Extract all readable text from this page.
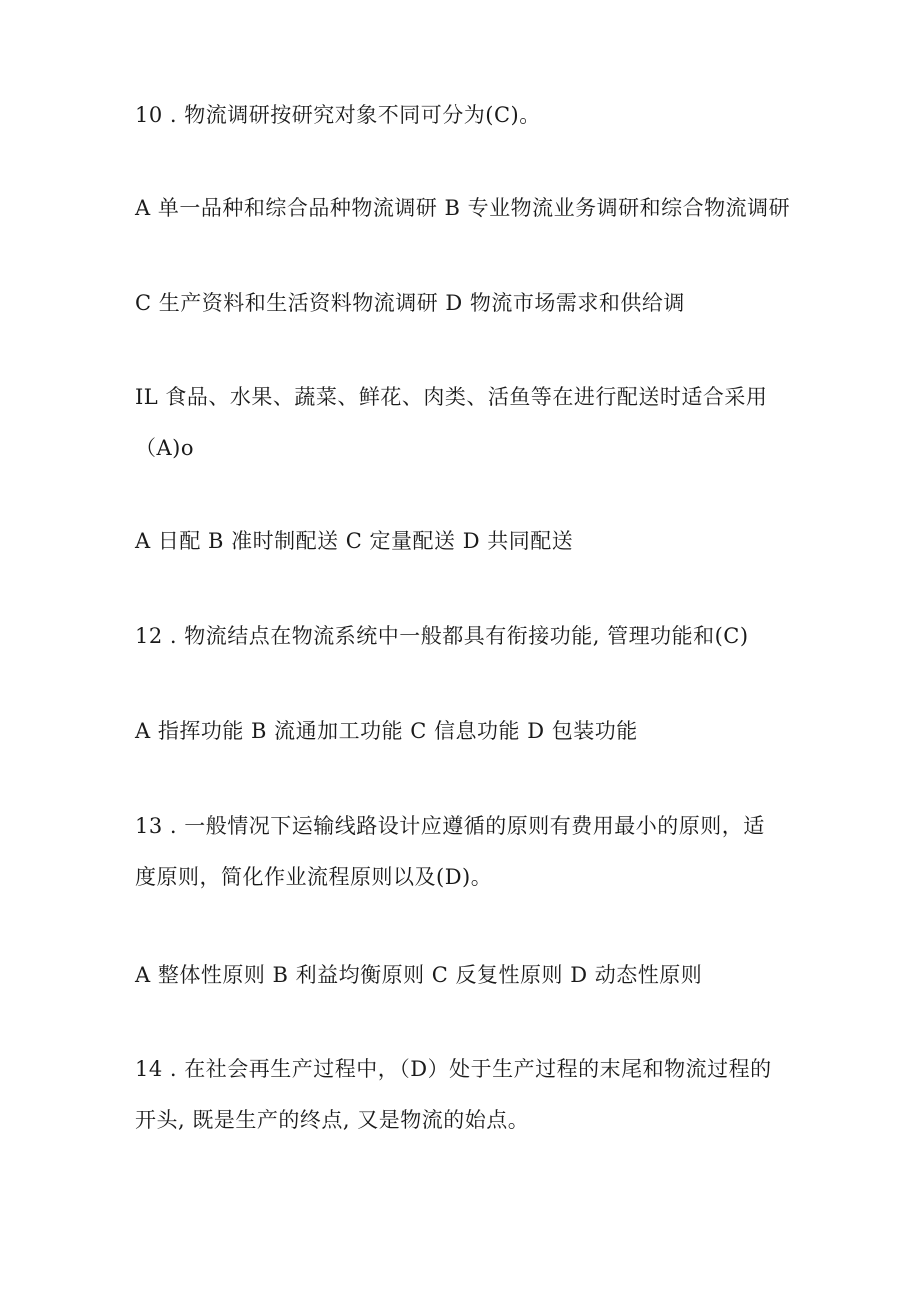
10 . 物流调研按研究对象不同可分为(C)。
A 单一品种和综合品种物流调研 B 专业物流业务调研和综合物流调研
C 生产资料和生活资料物流调研 D 物流市场需求和供给调
IL 食品、水果、蔬菜、鲜花、肉类、活鱼等在进行配送时适合采用
（A)o
A 日配 B 准时制配送 C 定量配送 D 共同配送
12 . 物流结点在物流系统中一般都具有衔接功能, 管理功能和(C)
A 指挥功能 B 流通加工功能 C 信息功能 D 包装功能
13 . 一般情况下运输线路设计应遵循的原则有费用最小的原则，适
度原则，简化作业流程原则以及(D)。
A 整体性原则 B 利益均衡原则 C 反复性原则 D 动态性原则
14 . 在社会再生产过程中，（D）处于生产过程的末尾和物流过程的
开头, 既是生产的终点, 又是物流的始点。
